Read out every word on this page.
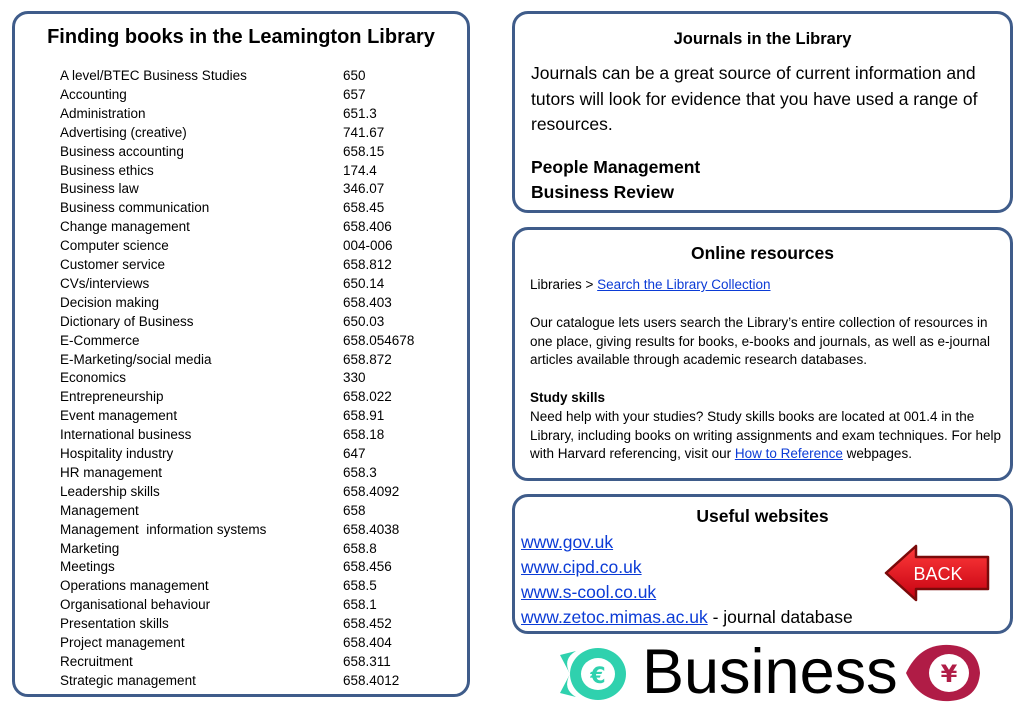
Finding books in the Leamington Library
A level/BTEC Business Studies	650
Accounting	657
Administration	651.3
Advertising (creative)	741.67
Business accounting	658.15
Business ethics	174.4
Business law	346.07
Business communication	658.45
Change management	658.406
Computer science	004-006
Customer service	658.812
CVs/interviews	650.14
Decision making	658.403
Dictionary of Business	650.03
E-Commerce	658.054678
E-Marketing/social media	658.872
Economics	330
Entrepreneurship	658.022
Event management	658.91
International business	658.18
Hospitality industry	647
HR management	658.3
Leadership skills	658.4092
Management	658
Management  information systems	658.4038
Marketing	658.8
Meetings	658.456
Operations management	658.5
Organisational behaviour	658.1
Presentation skills	658.452
Project management	658.404
Recruitment	658.311
Strategic management	658.4012
Journals in the Library
Journals can be a great source of current information and tutors will look for evidence that you have used a range of resources.
People Management
Business Review
Online resources
Libraries > Search the Library Collection
Our catalogue lets users search the Library’s entire collection of resources in one place, giving results for books, e-books and journals, as well as e-journal articles available through academic research databases.
Study skills
Need help with your studies? Study skills books are located at 001.4 in the Library, including books on writing assignments and exam techniques. For help with Harvard referencing, visit our How to Reference webpages.
Useful websites
www.gov.uk
www.cipd.co.uk
www.s-cool.co.uk
www.zetoc.mimas.ac.uk - journal database
BACK
€ Business ¥
